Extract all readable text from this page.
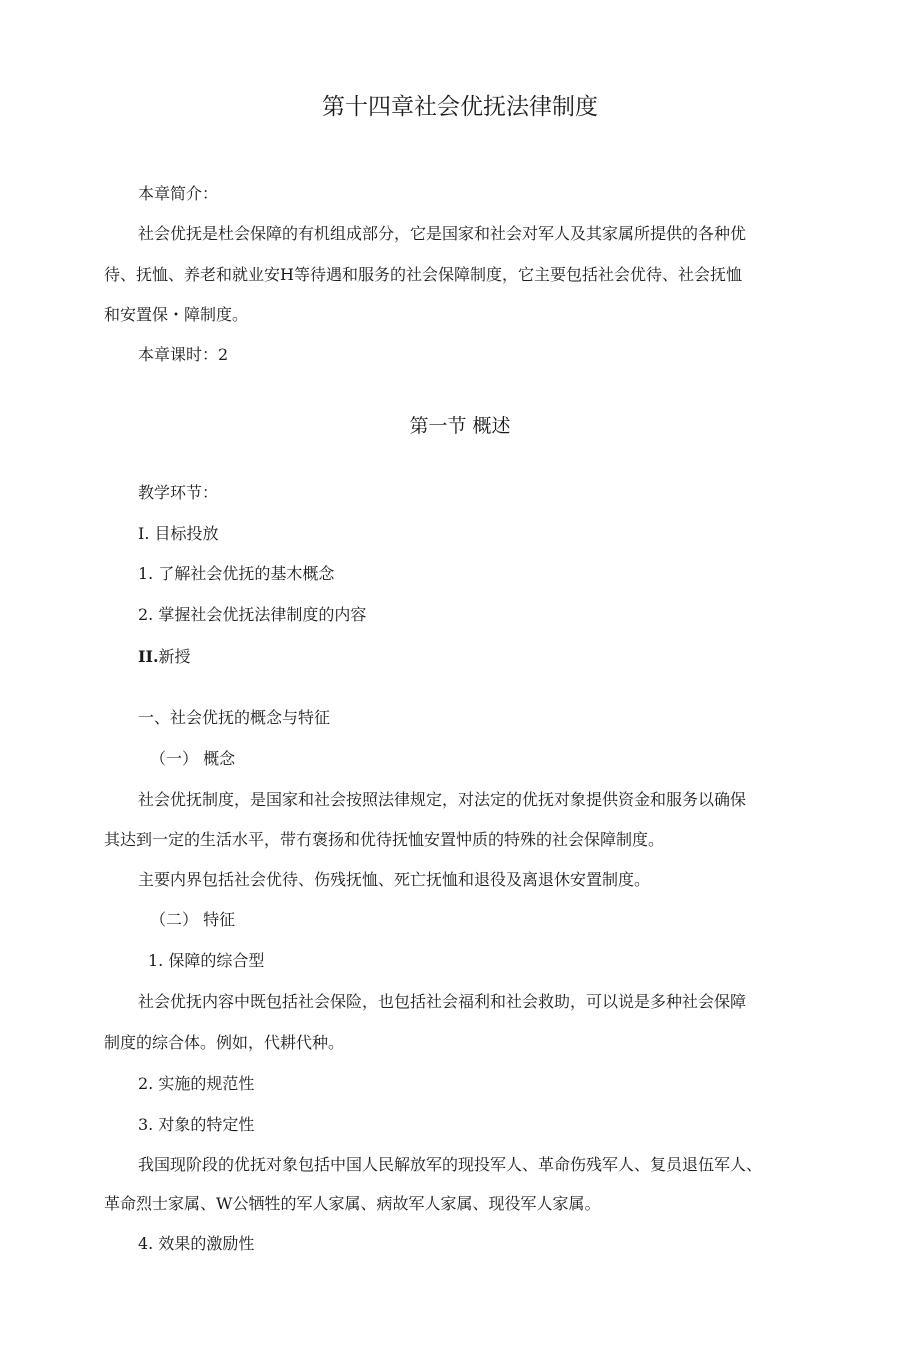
第十四章社会优抚法律制度
本章简介：
社会优抚是杜会保障的有机组成部分，它是国家和社会对军人及其家属所提供的各种优
待、抚恤、养老和就业安H等待遇和服务的社会保障制度，它主要包括社会优待、社会抚恤
和安置保・障制度。
本章课时：2
第一节 概述
教学环节：
I. 目标投放
1. 了解社会优抚的基木概念
2. 掌握社会优抚法律制度的内容
II.新授
一、社会优抚的概念与特征
（一） 概念
社会优抚制度，是国家和社会按照法律规定，对法定的优抚对象提供资金和服务以确保
其达到一定的生活水平，带冇褒扬和优待抚恤安置忡质的特殊的社会保障制度。
主要内界包括社会优待、伤残抚恤、死亡抚恤和退役及离退休安置制度。
（二） 特征
1. 保障的综合型
社会优抚内容中既包括社会保险，也包括社会福利和社会救助，可以说是多种社会保障
制度的综合体。例如，代耕代种。
2. 实施的规范性
3. 对象的特定性
我国现阶段的优抚对象包括中国人民解放军的现投军人、革命伤残军人、复员退伍军人、
革命烈士家属、W公牺牲的军人家属、病故军人家属、现役军人家属。
4. 效果的激励性
